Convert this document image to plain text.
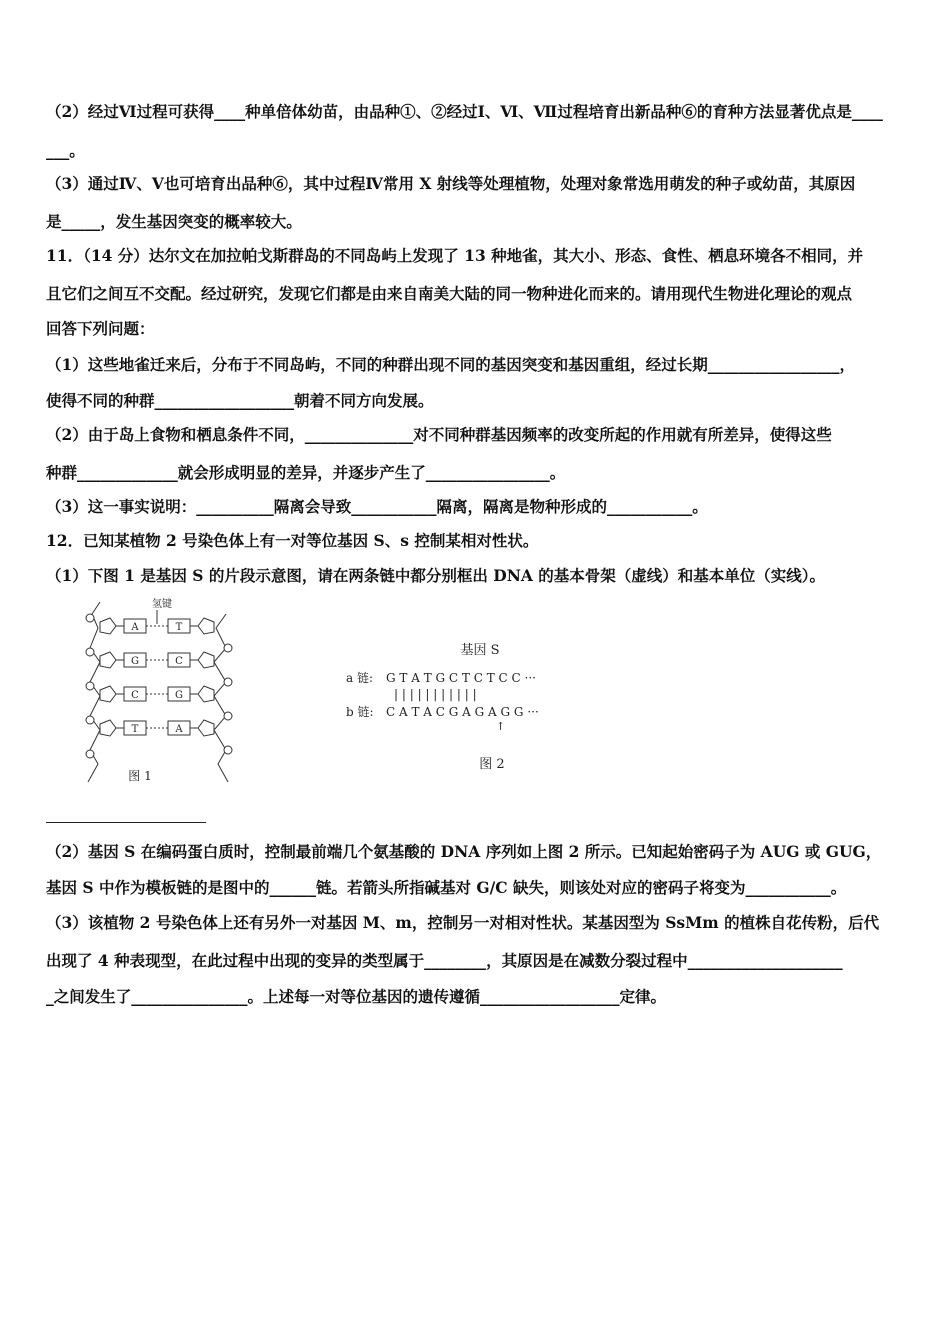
（2）经过Ⅵ过程可获得____种单倍体幼苗，由品种①、②经过Ⅰ、Ⅵ、Ⅶ过程培育出新品种⑥的育种方法显著优点是____
___。
（3）通过Ⅳ、Ⅴ也可培育出品种⑥，其中过程Ⅳ常用 X 射线等处理植物，处理对象常选用萌发的种子或幼苗，其原因
是_____，发生基因突变的概率较大。
11．（14 分）达尔文在加拉帕戈斯群岛的不同岛屿上发现了 13 种地雀，其大小、形态、食性、栖息环境各不相同，并
且它们之间互不交配。经过研究，发现它们都是由来自南美大陆的同一物种进化而来的。请用现代生物进化理论的观点
回答下列问题：
（1）这些地雀迁来后，分布于不同岛屿，不同的种群出现不同的基因突变和基因重组，经过长期_________________，
使得不同的种群__________________朝着不同方向发展。
（2）由于岛上食物和栖息条件不同，______________对不同种群基因频率的改变所起的作用就有所差异，使得这些
种群_____________就会形成明显的差异，并逐步产生了________________。
（3）这一事实说明：__________隔离会导致___________隔离，隔离是物种形成的___________。
12．已知某植物 2 号染色体上有一对等位基因 S、s 控制某相对性状。
（1）下图 1 是基因 S 的片段示意图，请在两条链中都分别框出 DNA 的基本骨架（虚线）和基本单位（实线）。
氢键
A	T
G	C
C	G
T	A
图 1
基因 S
a 链: G T A T G C T C T C C ···
| | | | | | | | | | |
b 链: C A T A C G A G A G G ···
↑
图 2
（2）基因 S 在编码蛋白质时，控制最前端几个氨基酸的 DNA 序列如上图 2 所示。已知起始密码子为 AUG 或 GUG，
基因 S 中作为模板链的是图中的______链。若箭头所指碱基对 G/C 缺失，则该处对应的密码子将变为___________。
（3）该植物 2 号染色体上还有另外一对基因 M、m，控制另一对相对性状。某基因型为 SsMm 的植株自花传粉，后代
出现了 4 种表现型，在此过程中出现的变异的类型属于________，其原因是在减数分裂过程中____________________
_之间发生了_______________。上述每一对等位基因的遗传遵循__________________定律。
